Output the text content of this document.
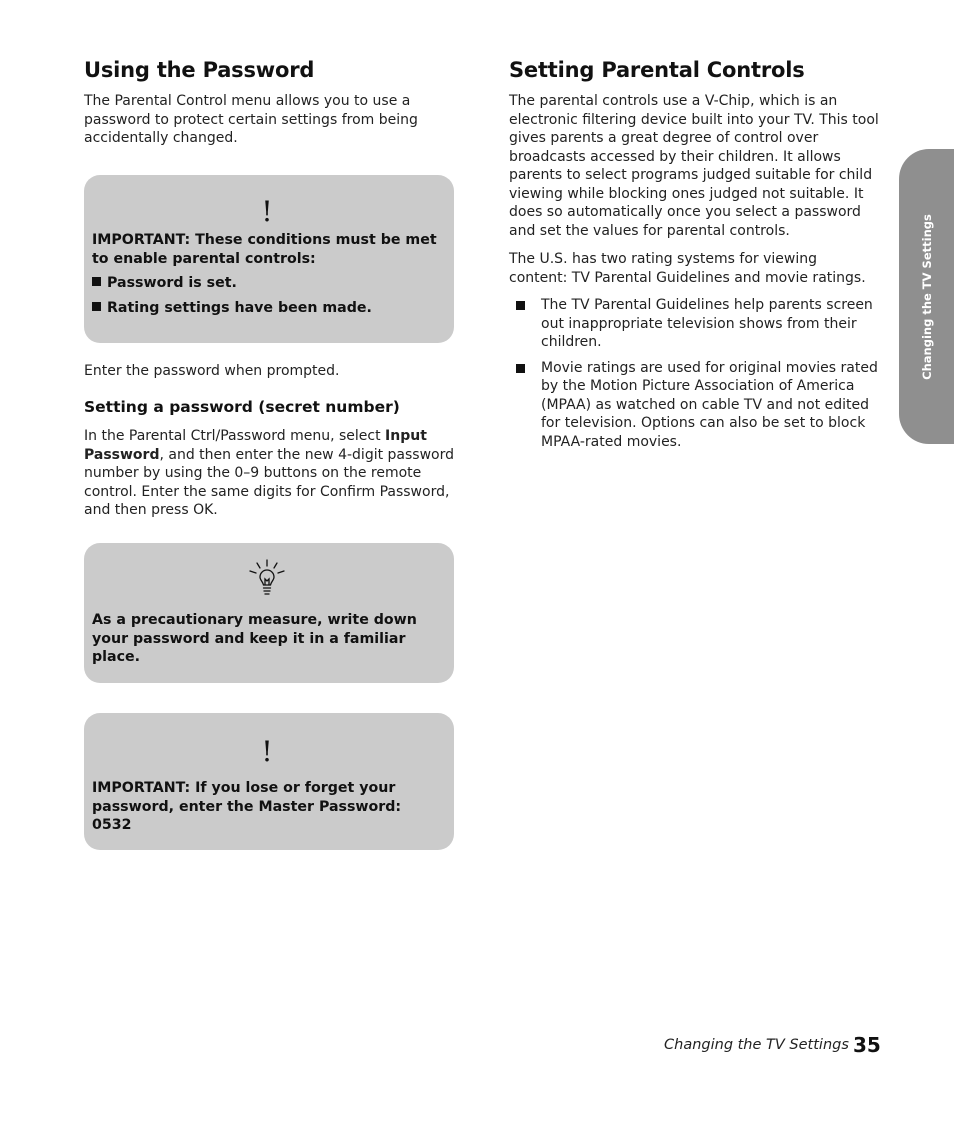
Using the Password

The Parental Control menu allows you to use a password to protect certain settings from being accidentally changed.

!

IMPORTANT: These conditions must be met to enable parental controls:

Password is set.

Rating settings have been made.

Enter the password when prompted.

Setting a password (secret number)

In the Parental Ctrl/Password menu, select Input Password, and then enter the new 4-digit password number by using the 0–9 buttons on the remote control. Enter the same digits for Confirm Password, and then press OK.

As a precautionary measure, write down your password and keep it in a familiar place.

!

IMPORTANT: If you lose or forget your password, enter the Master Password: 0532

Setting Parental Controls

The parental controls use a V-Chip, which is an electronic filtering device built into your TV. This tool gives parents a great degree of control over broadcasts accessed by their children. It allows parents to select programs judged suitable for child viewing while blocking ones judged not suitable. It does so automatically once you select a password and set the values for parental controls.

The U.S. has two rating systems for viewing content: TV Parental Guidelines and movie ratings.

The TV Parental Guidelines help parents screen out inappropriate television shows from their children.
Movie ratings are used for original movies rated by the Motion Picture Association of America (MPAA) as watched on cable TV and not edited for television. Options can also be set to block MPAA-rated movies.
Changing the TV Settings
Changing the TV Settings 35
